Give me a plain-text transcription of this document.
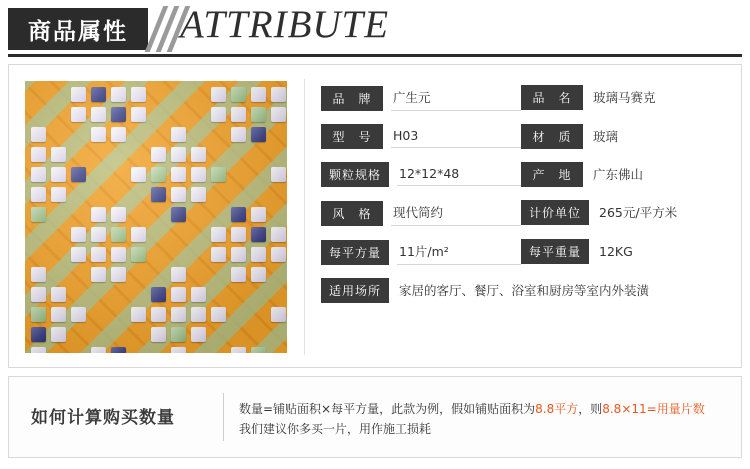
商品属性	ATTRIBUTE
品　牌	广生元	品　名	玻璃马赛克
型　号	H03	材　质	玻璃
颗粒规格	12*12*48	产　地	广东佛山
风　格	现代简约	计价单位	265元/平方米
每平方量	11片/m²	每平重量	12KG
适用场所	家居的客厅、餐厅、浴室和厨房等室内外装潢
如何计算购买数量	数量=铺贴面积×每平方量，此款为例，假如铺贴面积为8.8平方，则8.8×11=用量片数
我们建议你多买一片，用作施工损耗
